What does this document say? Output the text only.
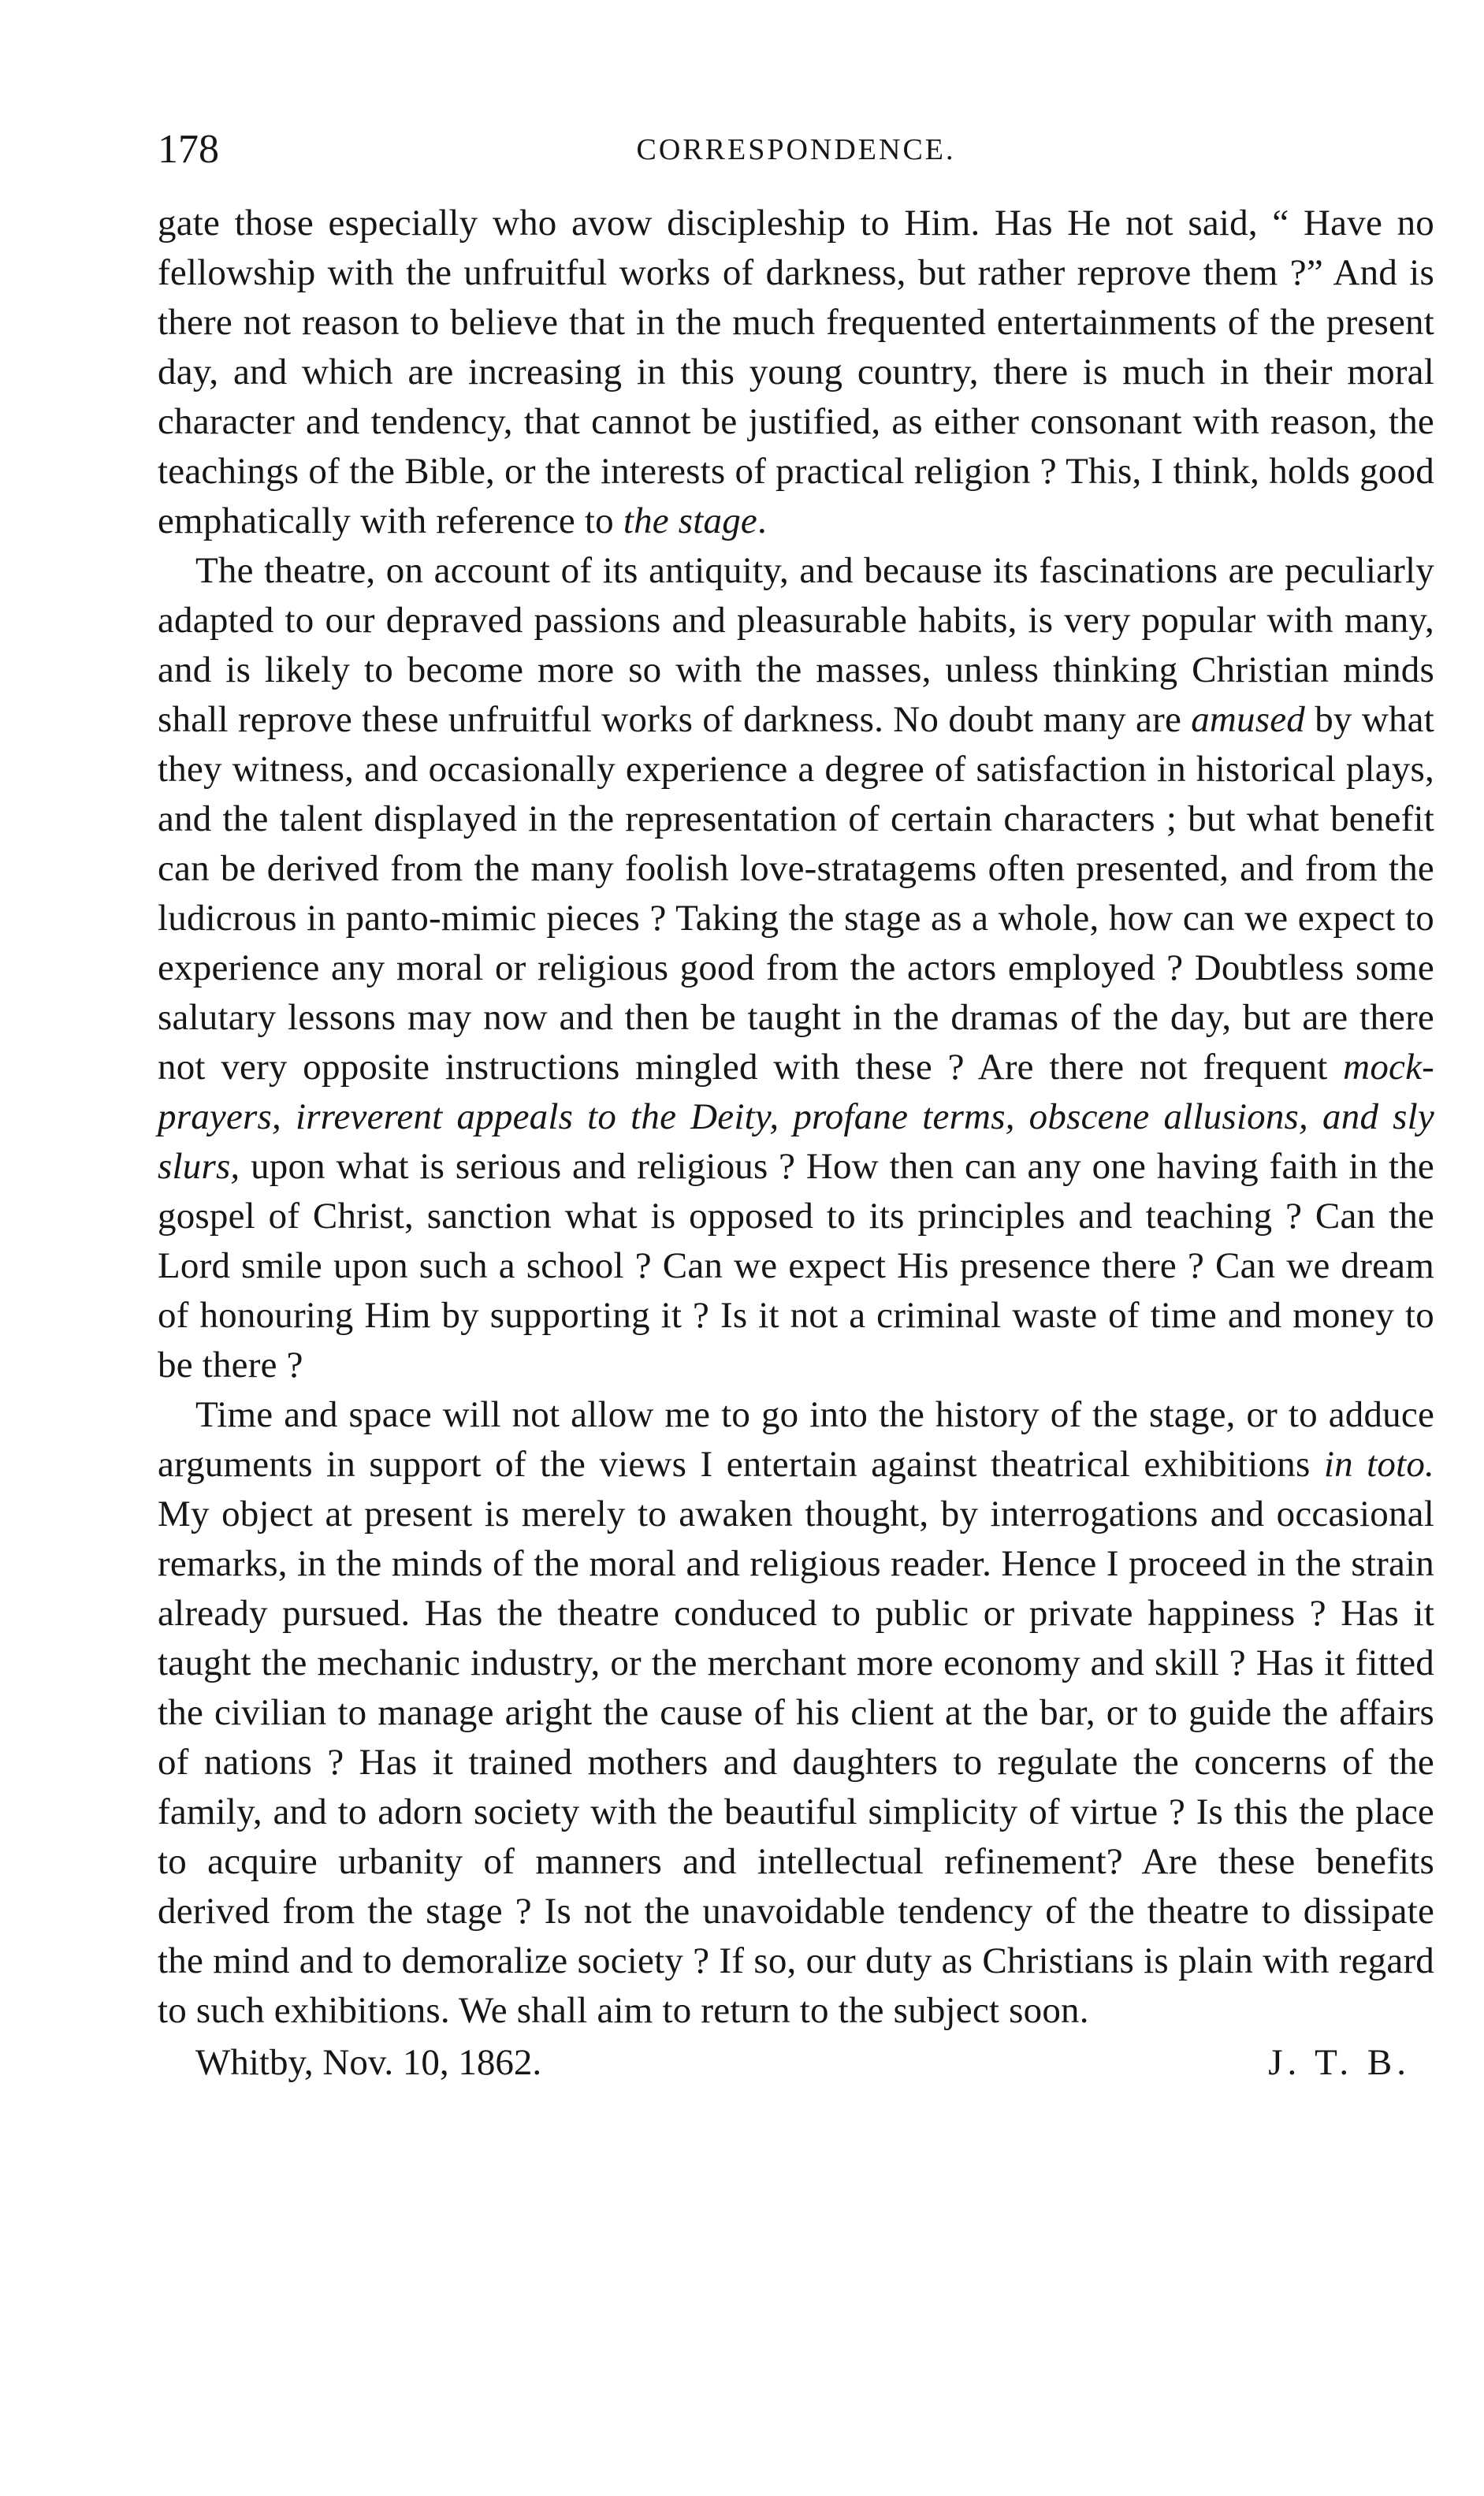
178	CORRESPONDENCE.

gate those especially who avow discipleship to Him. Has He not said, “ Have no fellowship with the unfruitful works of darkness, but rather reprove them ?” And is there not reason to believe that in the much frequented entertainments of the present day, and which are increasing in this young country, there is much in their moral character and tendency, that cannot be justified, as either consonant with reason, the teachings of the Bible, or the interests of practical religion ? This, I think, holds good emphatically with reference to the stage.

The theatre, on account of its antiquity, and because its fascinations are peculiarly adapted to our depraved passions and pleasurable habits, is very popular with many, and is likely to become more so with the masses, unless thinking Christian minds shall reprove these unfruitful works of darkness. No doubt many are amused by what they witness, and occasionally experience a degree of satisfaction in historical plays, and the talent displayed in the representation of certain characters ; but what benefit can be derived from the many foolish love-stratagems often presented, and from the ludicrous in panto-mimic pieces ? Taking the stage as a whole, how can we expect to experience any moral or religious good from the actors employed ? Doubtless some salutary lessons may now and then be taught in the dramas of the day, but are there not very opposite instructions mingled with these ? Are there not frequent mock-prayers, irreverent appeals to the Deity, profane terms, obscene allusions, and sly slurs, upon what is serious and religious ? How then can any one having faith in the gospel of Christ, sanction what is opposed to its principles and teaching ? Can the Lord smile upon such a school ? Can we expect His presence there ? Can we dream of honouring Him by supporting it ? Is it not a criminal waste of time and money to be there ?

Time and space will not allow me to go into the history of the stage, or to adduce arguments in support of the views I entertain against theatrical exhibitions in toto. My object at present is merely to awaken thought, by interrogations and occasional remarks, in the minds of the moral and religious reader. Hence I proceed in the strain already pursued. Has the theatre conduced to public or private happiness ? Has it taught the mechanic industry, or the merchant more economy and skill ? Has it fitted the civilian to manage aright the cause of his client at the bar, or to guide the affairs of nations ? Has it trained mothers and daughters to regulate the concerns of the family, and to adorn society with the beautiful simplicity of virtue ? Is this the place to acquire urbanity of manners and intellectual refinement? Are these benefits derived from the stage ? Is not the unavoidable tendency of the theatre to dissipate the mind and to demoralize society ? If so, our duty as Christians is plain with regard to such exhibitions. We shall aim to return to the subject soon.

Whitby, Nov. 10, 1862.	J. T. B.
